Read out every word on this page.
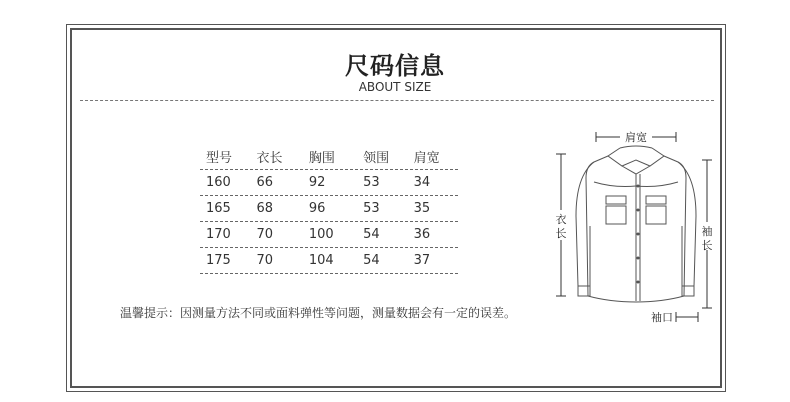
尺码信息
ABOUT SIZE
型号	衣长	胸围	领围	肩宽
160	66	92	53	34
165	68	96	53	35
170	70	100	54	36
175	70	104	54	37
温馨提示：因测量方法不同或面料弹性等问题，测量数据会有一定的误差。
肩宽
衣
长	袖
长
袖口
